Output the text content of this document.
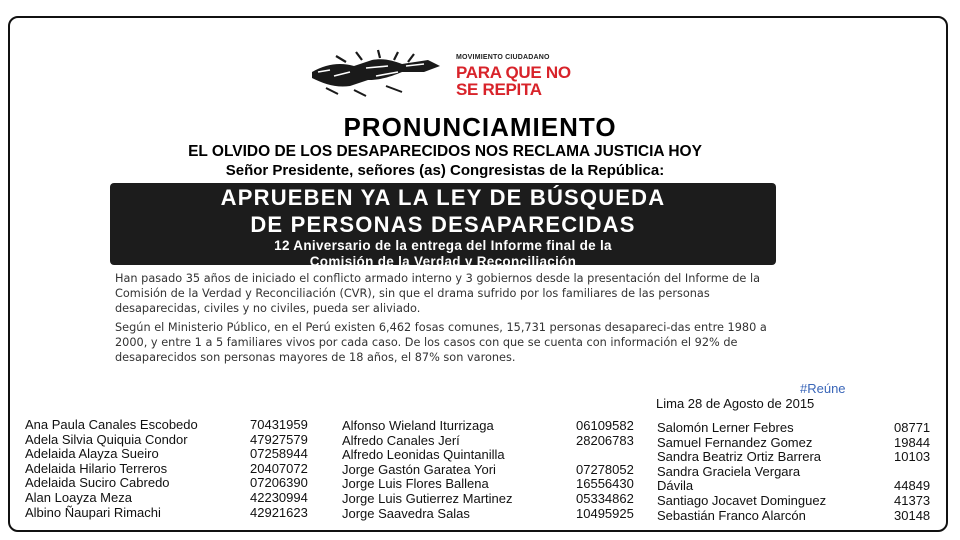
MOVIMIENTO CIUDADANO
PARA QUE NO
SE REPITA
PRONUNCIAMIENTO
EL OLVIDO DE LOS DESAPARECIDOS NOS RECLAMA JUSTICIA HOY
Señor Presidente, señores (as) Congresistas de la República:
APRUEBEN YA LA LEY DE BÚSQUEDA
DE PERSONAS DESAPARECIDAS
12 Aniversario de la entrega del Informe final de la
Comisión de la Verdad y Reconciliación
Han pasado 35 años de iniciado el conflicto armado interno y 3 gobiernos desde la presentación del Informe de la Comisión de la Verdad y Reconciliación (CVR), sin que el drama sufrido por los familiares de las personas desaparecidas, civiles y no civiles, pueda ser aliviado.
Según el Ministerio Público, en el Perú existen 6,462 fosas comunes, 15,731 personas desapareci-das entre 1980 a 2000, y entre 1 a 5 familiares vivos por cada caso. De los casos con que se cuenta con información el 92% de desaparecidos son personas mayores de 18 años, el 87% son varones.
#Reúne
Lima 28 de Agosto de 2015
Ana Paula Canales Escobedo	70431959
Adela Silvia Quiquia Condor	47927579
Adelaida Alayza Sueiro	07258944
Adelaida Hilario Terreros	20407072
Adelaida Suciro Cabredo	07206390
Alan Loayza Meza	42230994
Albino Ñaupari Rimachi	42921623
Alfonso Wieland Iturrizaga	06109582
Alfredo Canales Jerí	28206783
Alfredo Leonidas Quintanilla
Jorge Gastón Garatea Yori	07278052
Jorge Luis Flores Ballena	16556430
Jorge Luis Gutierrez Martinez	05334862
Jorge Saavedra Salas	10495925
Salomón Lerner Febres	08771
Samuel Fernandez Gomez	19844
Sandra Beatriz Ortiz Barrera	10103
Sandra Graciela Vergara
Dávila	44849
Santiago Jocavet Dominguez	41373
Sebastián Franco Alarcón	30148
